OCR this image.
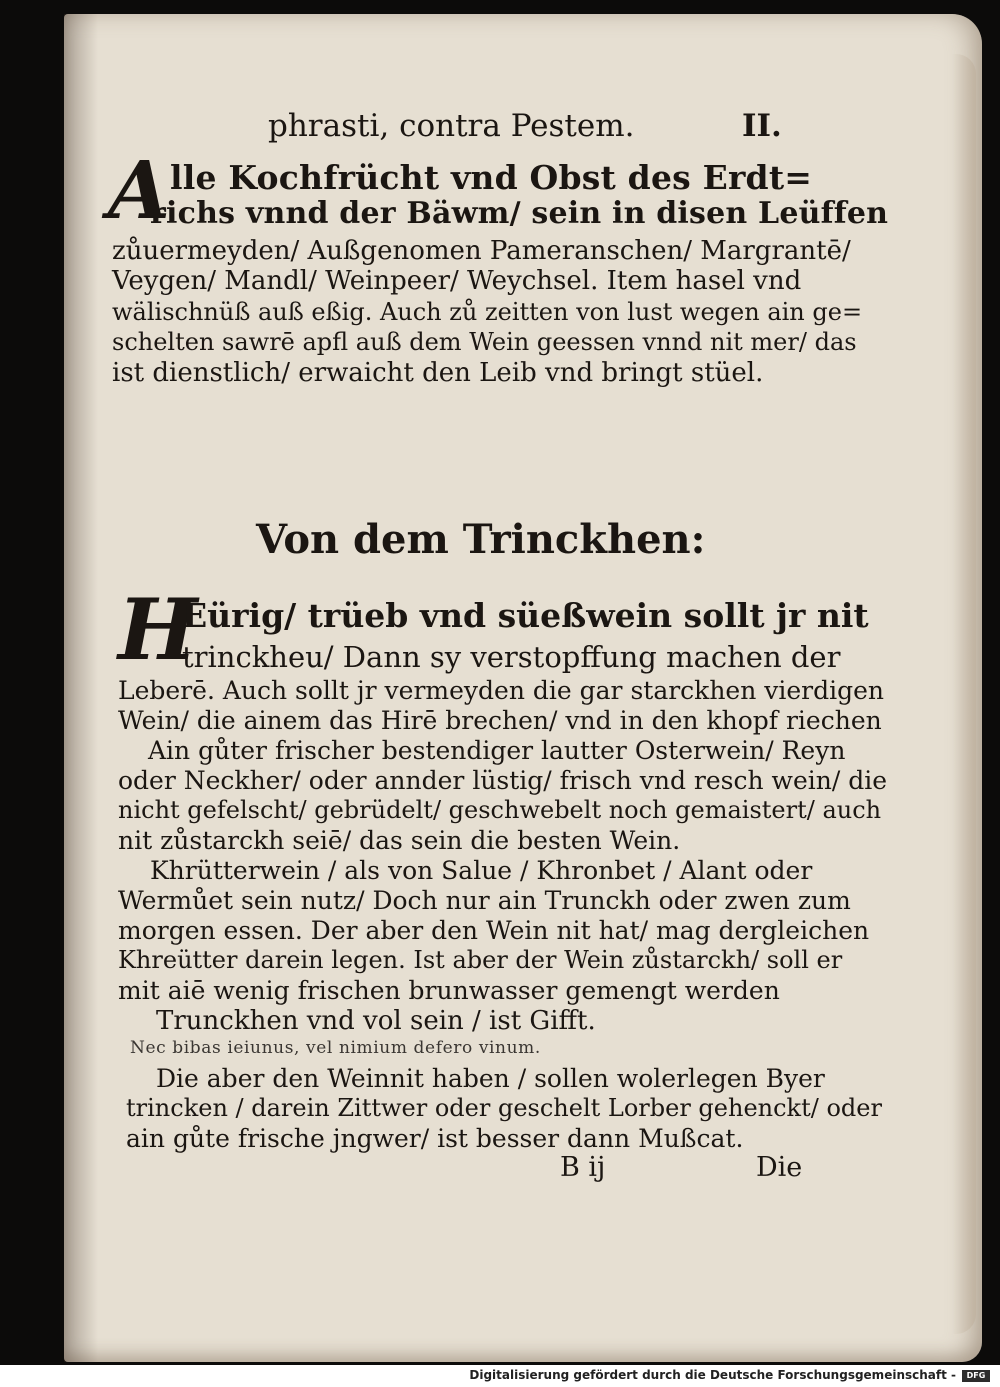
phrasti, contra Pestem.	II.
A lle Kochfrücht vnd Obst des Erdt=
richs vnnd der Bäwm/ sein in disen Leüffen
zůuermeyden/ Außgenomen Pameranschen/ Margrantē/
Veygen/ Mandl/ Weinpeer/ Weychsel. Item hasel vnd
wälischnüß auß eßig. Auch zů zeitten von lust wegen ain ge=
schelten sawrē apfl auß dem Wein geessen vnnd nit mer/ das
ist dienstlich/ erwaicht den Leib vnd bringt stüel.
Von dem Trinckhen:
H
Eürig/ trüeb vnd süeßwein sollt jr nit
trinckheu/ Dann sy verstopffung machen der
Leberē. Auch sollt jr vermeyden die gar starckhen vierdigen
Wein/ die ainem das Hirē brechen/ vnd in den khopf riechen
Ain gůter frischer bestendiger lautter Osterwein/ Reyn
oder Neckher/ oder annder lüstig/ frisch vnd resch wein/ die
nicht gefelscht/ gebrüdelt/ geschwebelt noch gemaistert/ auch
nit zůstarckh seiē/ das sein die besten Wein.
Khrütterwein / als von Salue / Khronbet / Alant oder
Wermůet sein nutz/ Doch nur ain Trunckh oder zwen zum
morgen essen. Der aber den Wein nit hat/ mag dergleichen
Khreütter darein legen. Ist aber der Wein zůstarckh/ soll er
mit aiē wenig frischen brunwasser gemengt werden
Trunckhen vnd vol sein / ist Gifft.
Nec bibas ieiunus, vel nimium defero vinum.
Die aber den Weinnit haben / sollen wolerlegen Byer
trincken / darein Zittwer oder geschelt Lorber gehenckt/ oder
ain gůte frische jngwer/ ist besser dann Mußcat.
B ij	Die
Digitalisierung gefördert durch die Deutsche Forschungsgemeinschaft -	DFG
